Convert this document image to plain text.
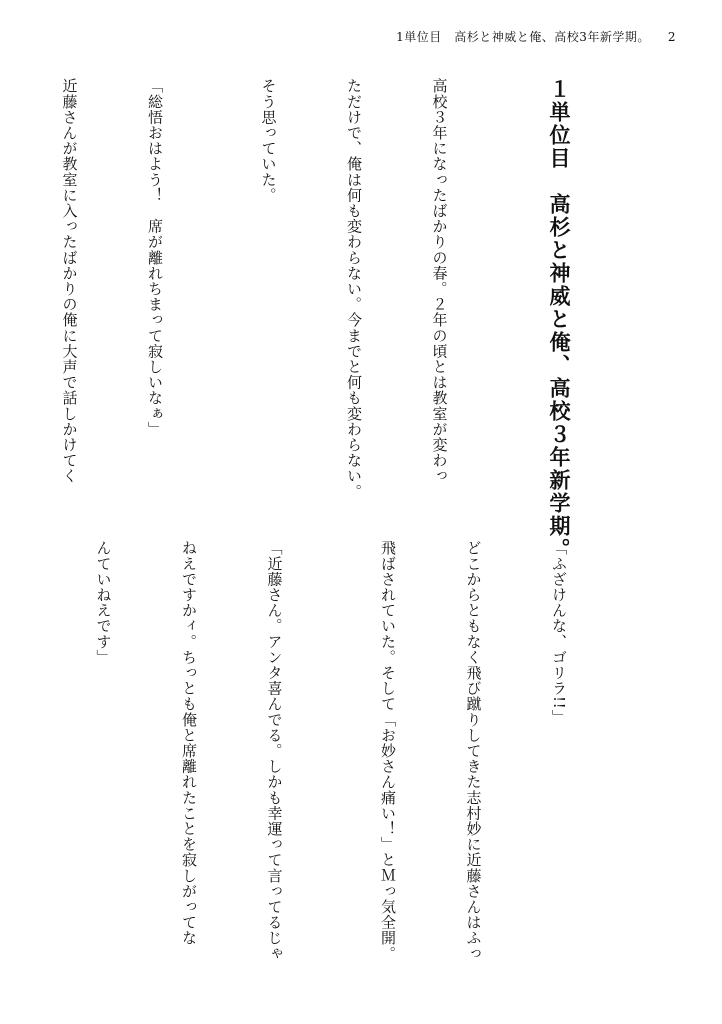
1単位目　高杉と神威と俺、高校3年新学期。 2

１単位目　高杉と神威と俺、高校３年新学期。

高校３年になったばかりの春。２年の頃とは教室が変わっ

ただけで、俺は何も変わらない。今までと何も変わらない。

そう思っていた。

「総悟おはよう！　席が離れちまって寂しいなぁ」

近藤さんが教室に入ったばかりの俺に大声で話しかけてく

「ふざけんな、ゴリラ!!」

どこからともなく飛び蹴りしてきた志村妙に近藤さんはふっ

飛ばされていた。そして「お妙さん痛い！」とＭっ気全開。

「近藤さん。アンタ喜んでる。しかも幸運って言ってるじゃ

ねえですかィ。ちっとも俺と席離れたことを寂しがってな

んていねえです」
